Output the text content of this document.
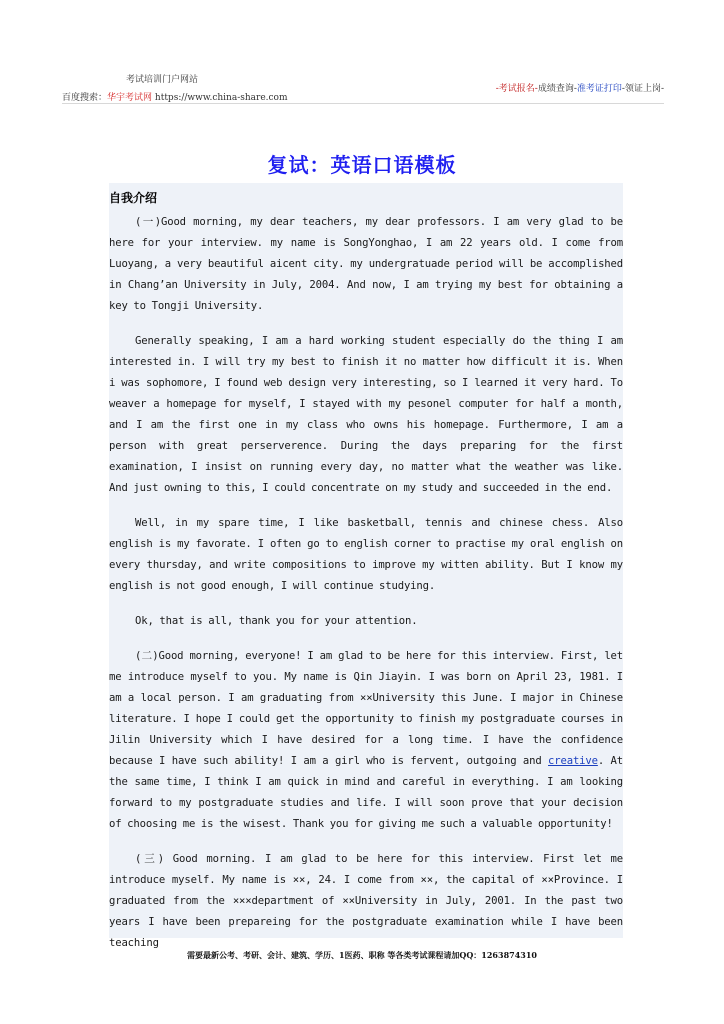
考试培训门户网站
百度搜索：华宇考试网 https://www.china-share.com
-考试报名-成绩查询-准考证打印-领证上岗-
复试：英语口语模板
自我介绍

(一)Good morning, my dear teachers, my dear professors. I am very glad to be here for your interview. my name is SongYonghao, I am 22 years old. I come from Luoyang, a very beautiful aicent city. my undergratuade period will be accomplished in Chang’an University in July, 2004. And now, I am trying my best for obtaining a key to Tongji University.

Generally speaking, I am a hard working student especially do the thing I am interested in. I will try my best to finish it no matter how difficult it is. When i was sophomore, I found web design very interesting, so I learned it very hard. To weaver a homepage for myself, I stayed with my pesonel computer for half a month, and I am the first one in my class who owns his homepage. Furthermore, I am a person with great perserverence. During the days preparing for the first examination, I insist on running every day, no matter what the weather was like. And just owning to this, I could concentrate on my study and succeeded in the end.

Well, in my spare time, I like basketball, tennis and chinese chess. Also english is my favorate. I often go to english corner to practise my oral english on every thursday, and write compositions to improve my witten ability. But I know my english is not good enough, I will continue studying.

Ok, that is all, thank you for your attention.

(二)Good morning, everyone! I am glad to be here for this interview. First, let me introduce myself to you. My name is Qin Jiayin. I was born on April 23, 1981. I am a local person. I am graduating from ××University this June. I major in Chinese literature. I hope I could get the opportunity to finish my postgraduate courses in Jilin University which I have desired for a long time. I have the confidence because I have such ability! I am a girl who is fervent, outgoing and creative. At the same time, I think I am quick in mind and careful in everything. I am looking forward to my postgraduate studies and life. I will soon prove that your decision of choosing me is the wisest. Thank you for giving me such a valuable opportunity!

(三) Good morning. I am glad to be here for this interview. First let me introduce myself. My name is ××, 24. I come from ××, the capital of ××Province. I graduated from the ×××department of ××University in July, 2001. In the past two years I have been prepareing for the postgraduate examination while I have been teaching

需要最新公考、考研、会计、建筑、学历、1医药、职称 等各类考试课程请加QQ：1263874310
